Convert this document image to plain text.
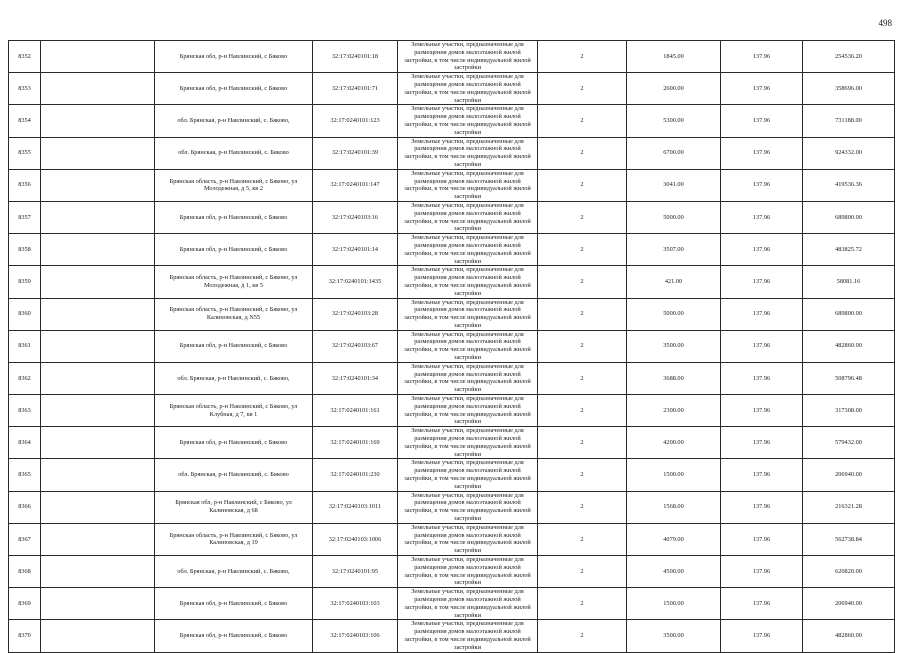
498
8352		Брянская обл, р-н Навлинский, с Бяково	32:17:0240101:18	Земельные участки, предназначенные для размещения домов малоэтажной жилой застройки, в том числе индивидуальной жилой застройки	2	1845.00	137.96	254536.20
8353		Брянская обл, р-н Навлинский, с Бяково	32:17:0240101:71	Земельные участки, предназначенные для размещения домов малоэтажной жилой застройки, в том числе индивидуальной жилой застройки	2	2600.00	137.96	358696.00
8354		обл. Брянская, р-н Навлинский, с. Бяково,	32:17:0240101:123	Земельные участки, предназначенные для размещения домов малоэтажной жилой застройки, в том числе индивидуальной жилой застройки	2	5300.00	137.96	731188.00
8355		обл. Брянская, р-н Навлинский, с. Бяково	32:17:0240101:39	Земельные участки, предназначенные для размещения домов малоэтажной жилой застройки, в том числе индивидуальной жилой застройки	2	6700.00	137.96	924332.00
8356		Брянская область, р-н Навлинский, с Бяково, ул Молодежная, д 5, кв 2	32:17:0240101:147	Земельные участки, предназначенные для размещения домов малоэтажной жилой застройки, в том числе индивидуальной жилой застройки	2	3041.00	137.96	419536.36
8357		Брянская обл, р-н Навлинский, с Бяково	32:17:0240103:16	Земельные участки, предназначенные для размещения домов малоэтажной жилой застройки, в том числе индивидуальной жилой застройки	2	5000.00	137.96	689800.00
8358		Брянская обл, р-н Навлинский, с Бяково	32:17:0240101:14	Земельные участки, предназначенные для размещения домов малоэтажной жилой застройки, в том числе индивидуальной жилой застройки	2	3507.00	137.96	483825.72
8359		Брянская область, р-н Навлинский, с Бяково, ул Молодежная, д 1, кв 5	32:17:0240101:1435	Земельные участки, предназначенные для размещения домов малоэтажной жилой застройки, в том числе индивидуальной жилой застройки	2	421.00	137.96	58081.16
8360		Брянская область, р-н Навлинский, с Бяково, ул Калиновская, д N55	32:17:0240103:28	Земельные участки, предназначенные для размещения домов малоэтажной жилой застройки, в том числе индивидуальной жилой застройки	2	5000.00	137.96	689800.00
8361		Брянская обл, р-н Навлинский, с Бяково	32:17:0240103:67	Земельные участки, предназначенные для размещения домов малоэтажной жилой застройки, в том числе индивидуальной жилой застройки	2	3500.00	137.96	482860.00
8362		обл. Брянская, р-н Навлинский, с. Бяково,	32:17:0240101:34	Земельные участки, предназначенные для размещения домов малоэтажной жилой застройки, в том числе индивидуальной жилой застройки	2	3688.00	137.96	508796.48
8363		Брянская область, р-н Навлинский, с Бяково, ул Клубная, д 7, кв 1	32:17:0240101:161	Земельные участки, предназначенные для размещения домов малоэтажной жилой застройки, в том числе индивидуальной жилой застройки	2	2300.00	137.96	317308.00
8364		Брянская обл, р-н Навлинский, с Бяково	32:17:0240101:169	Земельные участки, предназначенные для размещения домов малоэтажной жилой застройки, в том числе индивидуальной жилой застройки	2	4200.00	137.96	579432.00
8365		обл. Брянская, р-н Навлинский, с. Бяково	32:17:0240101:230	Земельные участки, предназначенные для размещения домов малоэтажной жилой застройки, в том числе индивидуальной жилой застройки	2	1500.00	137.96	206940.00
8366		Брянская обл, р-н Навлинский, с Бяково, ул Калиновская, д 68	32:17:0240103:1011	Земельные участки, предназначенные для размещения домов малоэтажной жилой застройки, в том числе индивидуальной жилой застройки	2	1568.00	137.96	216321.28
8367		Брянская область, р-н Навлинский, с Бяково, ул Калиновская, д 19	32:17:0240103:1006	Земельные участки, предназначенные для размещения домов малоэтажной жилой застройки, в том числе индивидуальной жилой застройки	2	4079.00	137.96	562738.84
8368		обл. Брянская, р-н Навлинский, с. Бяково,	32:17:0240101:95	Земельные участки, предназначенные для размещения домов малоэтажной жилой застройки, в том числе индивидуальной жилой застройки	2	4500.00	137.96	620820.00
8369		Брянская обл, р-н Навлинский, с Бяково	32:17:0240103:103	Земельные участки, предназначенные для размещения домов малоэтажной жилой застройки, в том числе индивидуальной жилой застройки	2	1500.00	137.96	206940.00
8370		Брянская обл, р-н Навлинский, с Бяково	32:17:0240103:106	Земельные участки, предназначенные для размещения домов малоэтажной жилой застройки, в том числе индивидуальной жилой застройки	2	3500.00	137.96	482860.00
